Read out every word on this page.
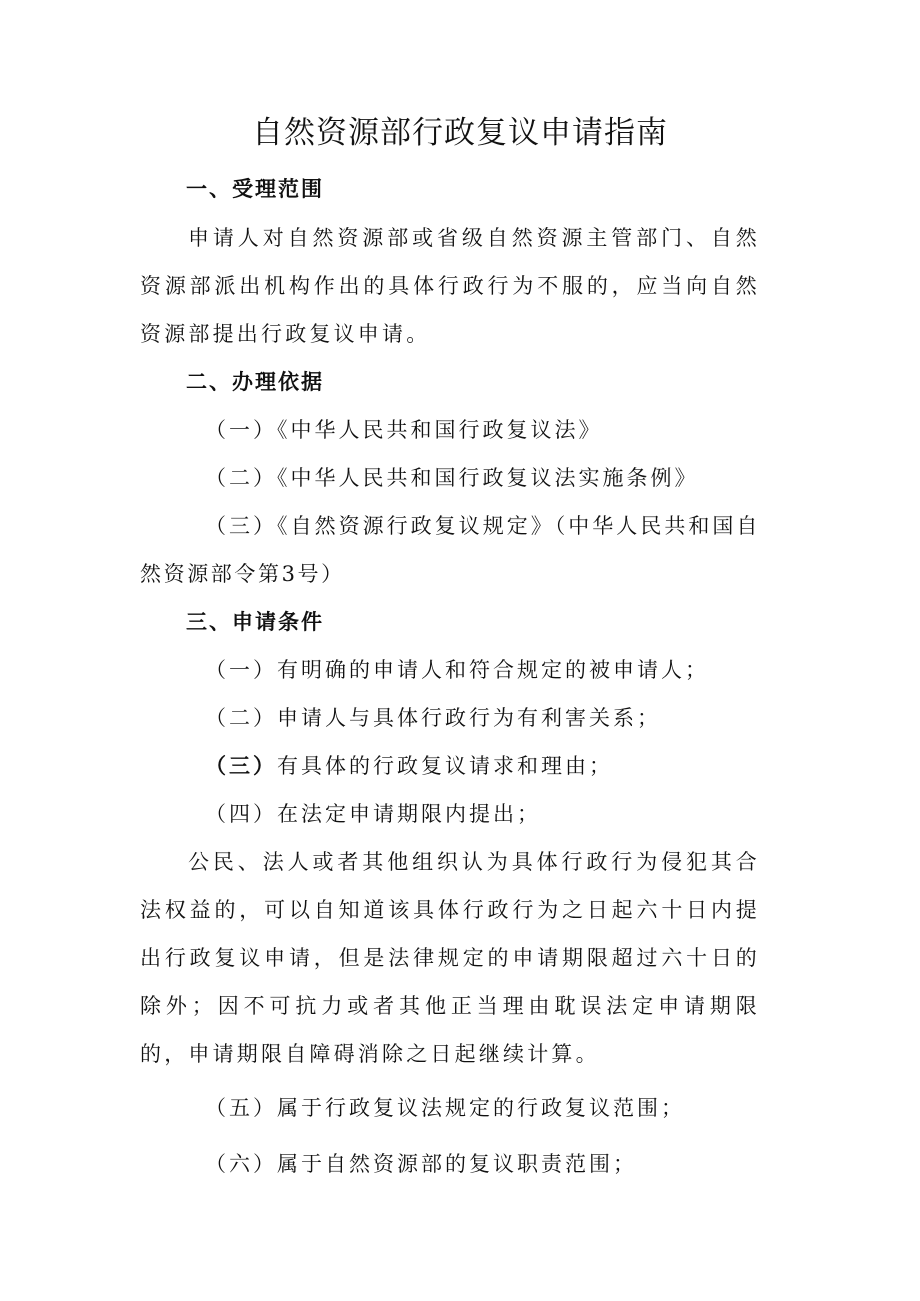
自然资源部行政复议申请指南
一、受理范围
申请人对自然资源部或省级自然资源主管部门、自然资源部派出机构作出的具体行政行为不服的，应当向自然资源部提出行政复议申请。
二、办理依据
（一）《中华人民共和国行政复议法》
（二）《中华人民共和国行政复议法实施条例》
（三）《自然资源行政复议规定》（中华人民共和国自然资源部令第3号）
三、申请条件
（一）有明确的申请人和符合规定的被申请人；
（二）申请人与具体行政行为有利害关系；
（三）有具体的行政复议请求和理由；
（四）在法定申请期限内提出；
公民、法人或者其他组织认为具体行政行为侵犯其合法权益的，可以自知道该具体行政行为之日起六十日内提出行政复议申请，但是法律规定的申请期限超过六十日的除外；因不可抗力或者其他正当理由耽误法定申请期限的，申请期限自障碍消除之日起继续计算。
（五）属于行政复议法规定的行政复议范围；
（六）属于自然资源部的复议职责范围；
